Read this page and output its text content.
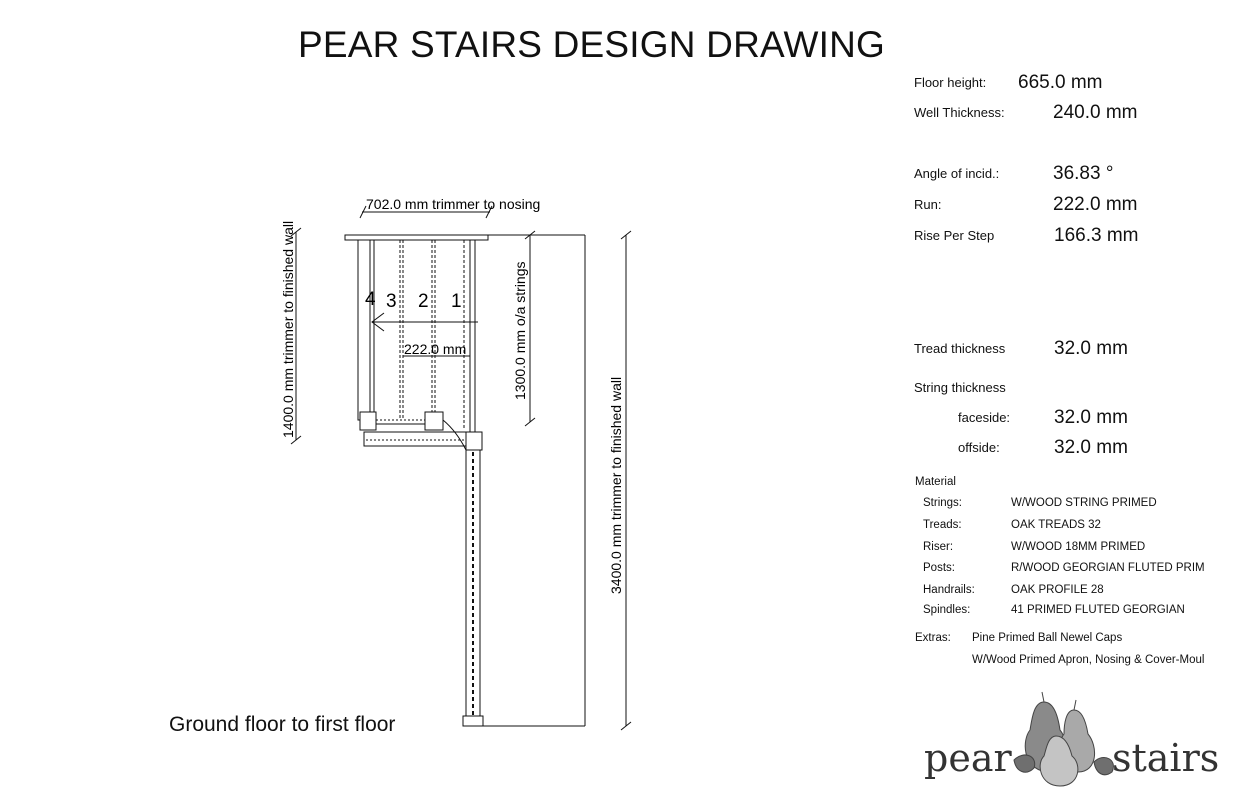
PEAR STAIRS DESIGN DRAWING
702.0 mm trimmer to nosing
1400.0 mm trimmer to finished wall	1300.0 mm o/a strings
3400.0 mm trimmer to finished wall
222.0 mm
4 3 2 1
Ground floor to first floor
Floor height: 665.0 mm
Well Thickness:	240.0 mm
Angle of incid.:	36.83 °
Run:	222.0 mm
Rise Per Step	166.3 mm
Tread thickness	32.0 mm
String thickness
faceside: 32.0 mm
offside:	32.0 mm
Material
Strings:	W/WOOD STRING PRIMED
Treads:	OAK TREADS 32
Riser:	W/WOOD 18MM PRIMED
Posts:	R/WOOD GEORGIAN FLUTED PRIM
Handrails:	OAK PROFILE 28
Spindles:	41 PRIMED FLUTED GEORGIAN
Extras: Pine Primed Ball Newel Caps
W/Wood Primed Apron, Nosing & Cover-Moul
pear	stairs
